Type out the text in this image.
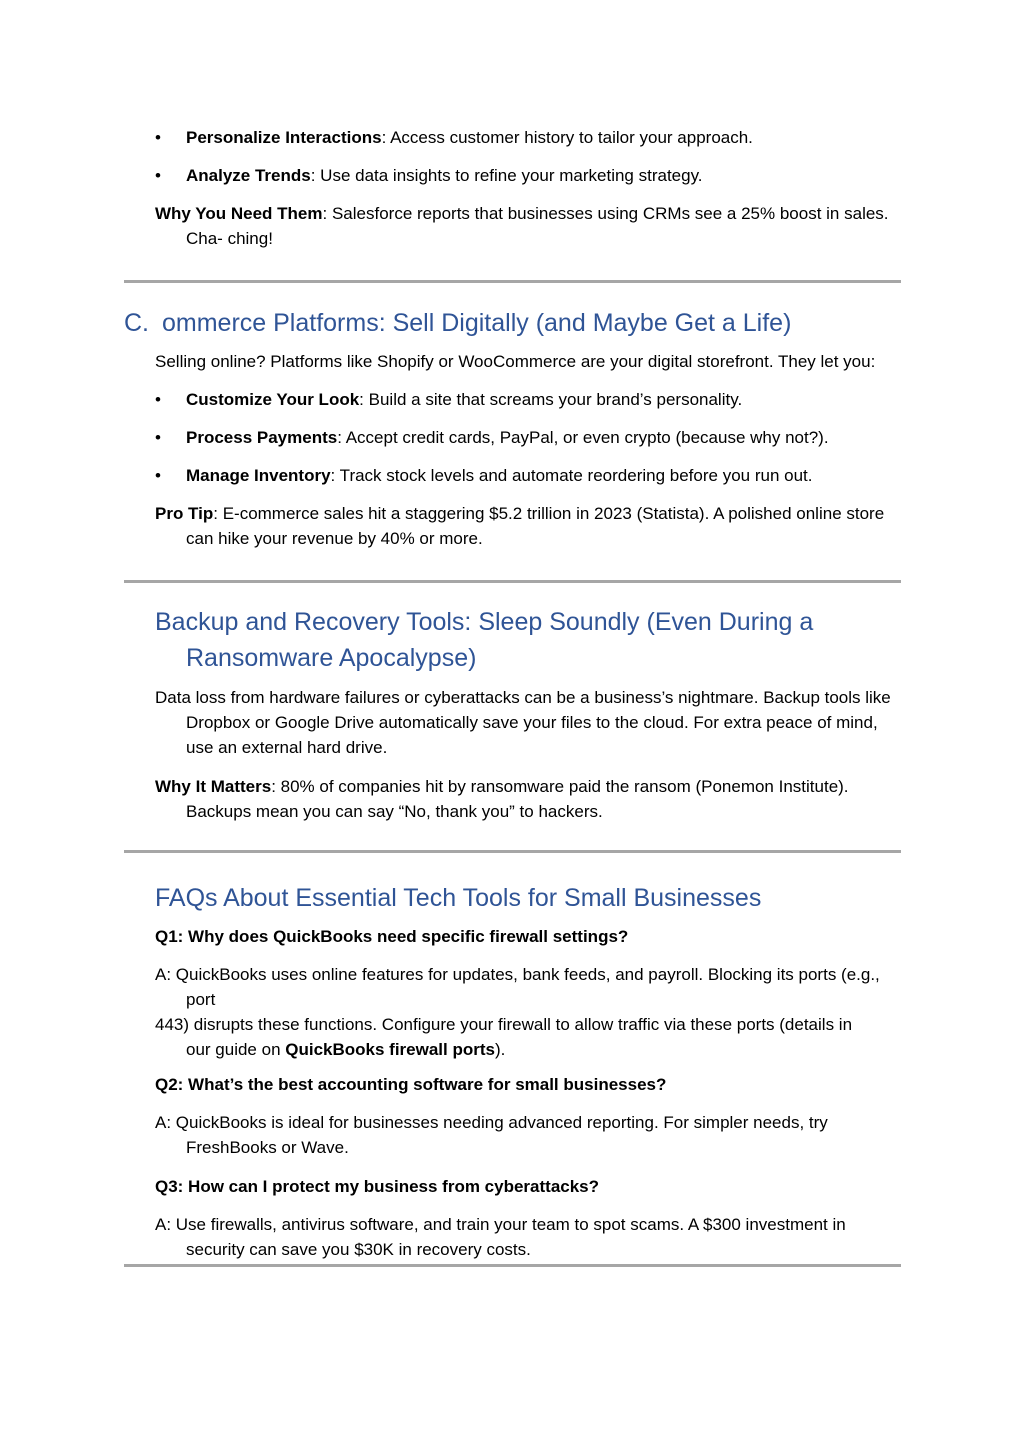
•	Personalize Interactions: Access customer history to tailor your approach.
•	Analyze Trends: Use data insights to refine your marketing strategy.
Why You Need Them: Salesforce reports that businesses using CRMs see a 25% boost in sales.
Cha- ching!
C. ommerce Platforms: Sell Digitally (and Maybe Get a Life)
Selling online? Platforms like Shopify or WooCommerce are your digital storefront. They let you:
•	Customize Your Look: Build a site that screams your brand’s personality.
•	Process Payments: Accept credit cards, PayPal, or even crypto (because why not?).
•	Manage Inventory: Track stock levels and automate reordering before you run out.
Pro Tip: E-commerce sales hit a staggering $5.2 trillion in 2023 (Statista). A polished online store
can hike your revenue by 40% or more.
Backup and Recovery Tools: Sleep Soundly (Even During a
Ransomware Apocalypse)
Data loss from hardware failures or cyberattacks can be a business’s nightmare. Backup tools like
Dropbox or Google Drive automatically save your files to the cloud. For extra peace of mind,
use an external hard drive.
Why It Matters: 80% of companies hit by ransomware paid the ransom (Ponemon Institute).
Backups mean you can say “No, thank you” to hackers.
FAQs About Essential Tech Tools for Small Businesses
Q1: Why does QuickBooks need specific firewall settings?
A: QuickBooks uses online features for updates, bank feeds, and payroll. Blocking its ports (e.g.,
port
443) disrupts these functions. Configure your firewall to allow traffic via these ports (details in
our guide on QuickBooks firewall ports).
Q2: What’s the best accounting software for small businesses?
A: QuickBooks is ideal for businesses needing advanced reporting. For simpler needs, try
FreshBooks or Wave.
Q3: How can I protect my business from cyberattacks?
A: Use firewalls, antivirus software, and train your team to spot scams. A $300 investment in
security can save you $30K in recovery costs.
